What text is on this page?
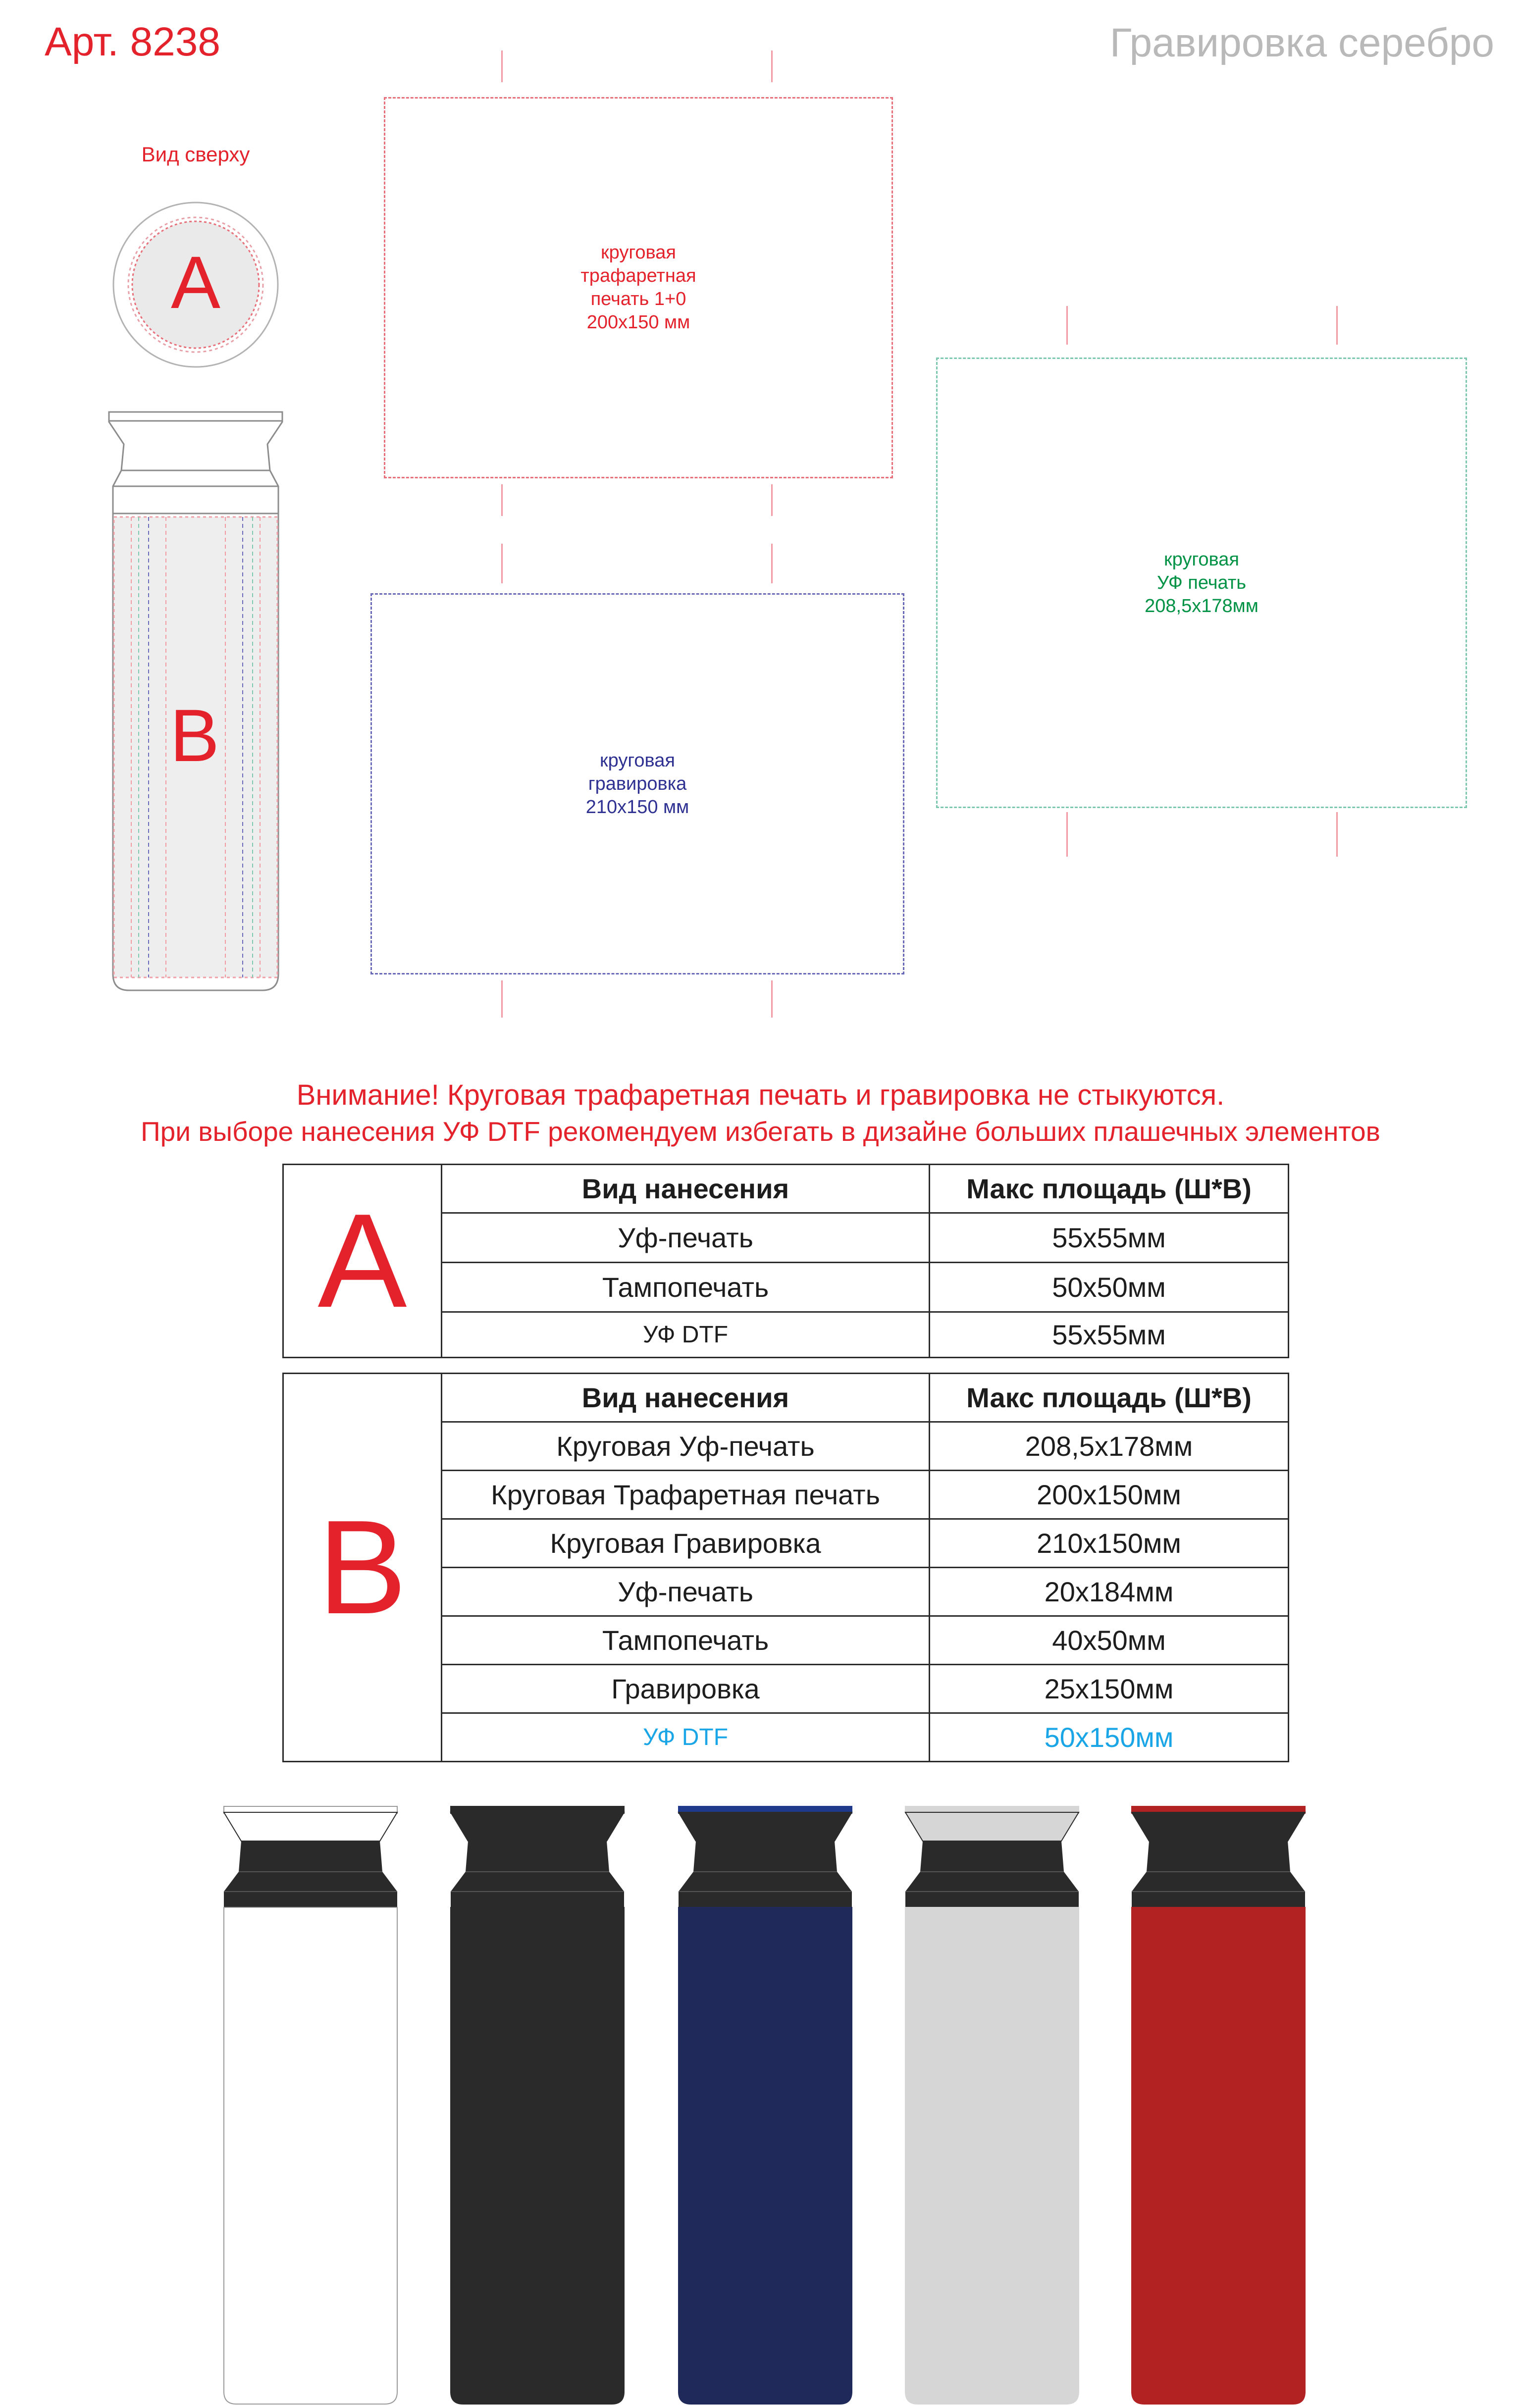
Арт. 8238	Гравировка серебро
Вид сверху
A
B
круговая
трафаретная
печать 1+0
200х150 мм
круговая
гравировка
210х150 мм
круговая
УФ печать
208,5х178мм
Внимание! Круговая трафаретная печать и гравировка не стыкуются.
При выборе нанесения УФ DTF рекомендуем избегать в дизайне больших плашечных элементов
A	Вид нанесения	Макс площадь (Ш*В)
	Уф-печать	55х55мм
	Тампопечать	50х50мм
	УФ DTF	55х55мм
B	Вид нанесения	Макс площадь (Ш*В)
	Круговая Уф-печать	208,5х178мм
	Круговая Трафаретная печать	200х150мм
	Круговая Гравировка	210х150мм
	Уф-печать	20х184мм
	Тампопечать	40х50мм
	Гравировка	25х150мм
	УФ DTF	50х150мм
